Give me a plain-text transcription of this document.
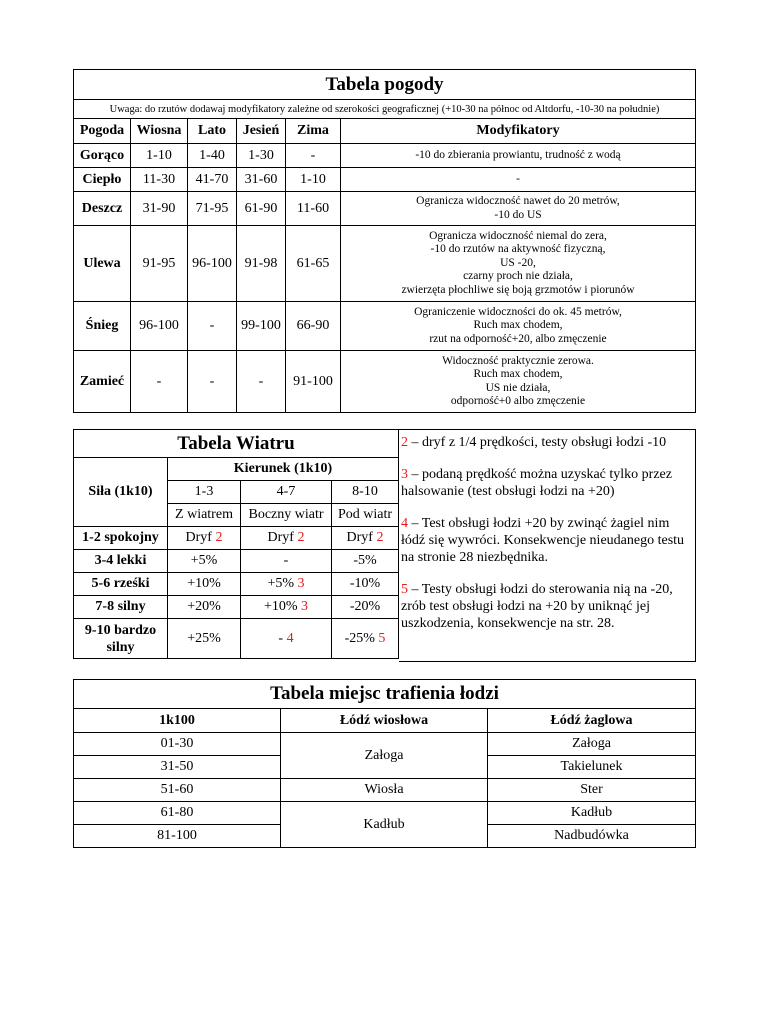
Tabela pogody					
Uwaga: do rzutów dodawaj modyfikatory zależne od szerokości geograficznej (+10-30 na północ od Altdorfu, -10-30 na południe)					
Pogoda	Wiosna	Lato	Jesień	Zima	Modyfikatory
Gorąco	1-10	1-40	1-30	-	-10 do zbierania prowiantu, trudność z wodą

Ciepło	11-30	41-70	31-60	1-10	-

Deszcz	31-90	71-95	61-90	11-60	Ogranicza widoczność nawet do 20 metrów,
-10 do US

Ulewa	91-95	96-100	91-98	61-65	Ogranicza widoczność niemal do zera,
-10 do rzutów na aktywność fizyczną,
US -20,
czarny proch nie działa,
zwierzęta płochliwe się boją grzmotów i piorunów

Śnieg	96-100	-	99-100	66-90	Ograniczenie widoczności do ok. 45 metrów,
Ruch max chodem,
rzut na odporność+20, albo zmęczenie

Zamieć	-	-	-	91-100	Widoczność praktycznie zerowa.
Ruch max chodem,
US nie działa,
odporność+0 albo zmęczenie
Tabela Wiatru			
Siła (1k10)	Kierunek (1k10)		
	1-3	4-7	8-10
	Z wiatrem	Boczny wiatr	Pod wiatr
1-2 spokojny	Dryf 2	Dryf 2	Dryf 2
3-4 lekki	+5%	-	-5%
5-6 rześki	+10%	+5% 3	-10%
7-8 silny	+20%	+10% 3	-20%
9-10 bardzo silny	+25%	- 4	-25% 5

2 – dryf z 1/4 prędkości, testy obsługi łodzi -10

3 – podaną prędkość można uzyskać tylko przez halsowanie (test obsługi łodzi na +20)

4 – Test obsługi łodzi +20 by zwinąć żagiel nim łódź się wywróci. Konsekwencje nieudanego testu na stronie 28 niezbędnika.

5 – Testy obsługi łodzi do sterowania nią na -20, zrób test obsługi łodzi na +20 by uniknąć jej uszkodzenia, konsekwencje na str. 28.

Tabela miejsc trafienia łodzi		
1k100	Łódź wiosłowa	Łódź żaglowa
01-30	Załoga	Załoga
31-50		Takielunek
51-60	Wiosła	Ster
61-80	Kadłub	Kadłub
81-100		Nadbudówka
